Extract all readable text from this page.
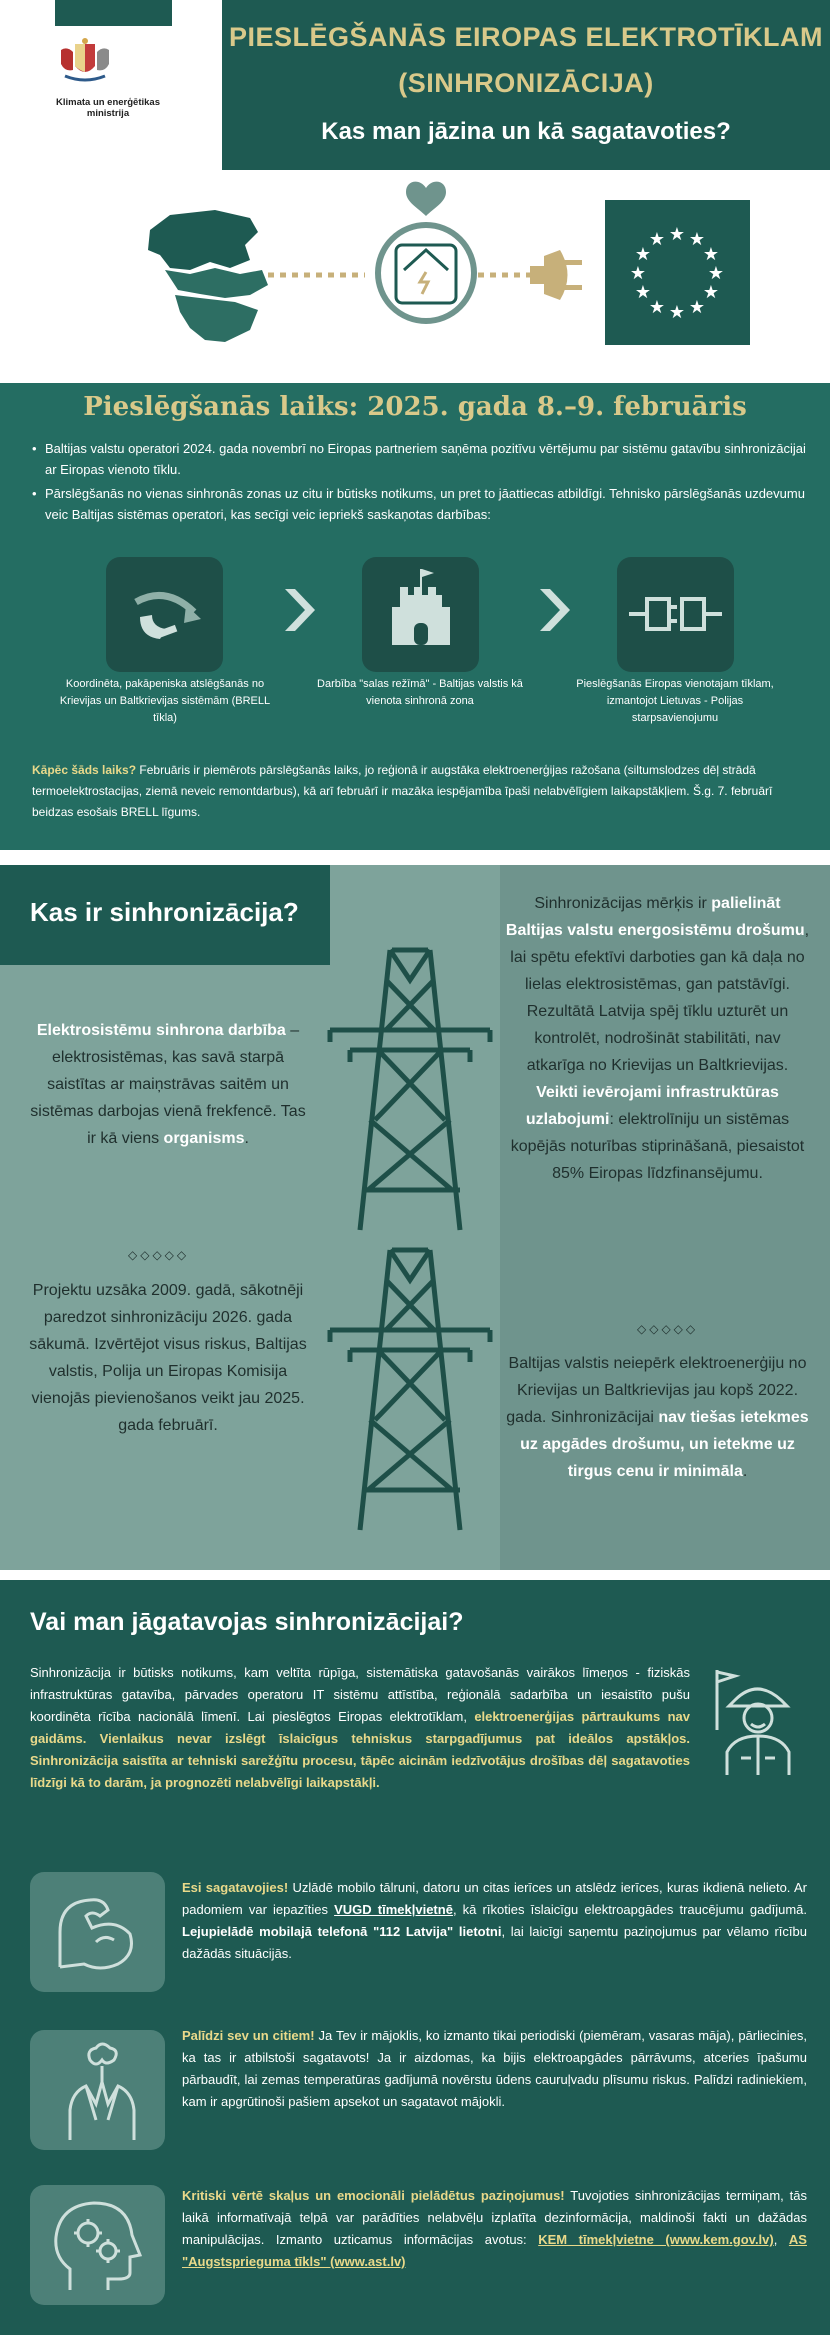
Klimata un enerģētikas ministrija
PIESLĒGŠANĀS EIROPAS ELEKTROTĪKLAM
(SINHRONIZĀCIJA)
Kas man jāzina un kā sagatavoties?
★ ★
★
★
★
★
★
★
★
★
★
★
Pieslēgšanās laiks: 2025. gada 8.–9. februāris
• Baltijas valstu operatori 2024. gada novembrī no Eiropas partneriem saņēma pozitīvu vērtējumu par sistēmu gatavību sinhronizācijai ar Eiropas vienoto tīklu.
• Pārslēgšanās no vienas sinhronās zonas uz citu ir būtisks notikums, un pret to jāattiecas atbildīgi. Tehnisko pārslēgšanās uzdevumu veic Baltijas sistēmas operatori, kas secīgi veic iepriekš saskaņotas darbības:
Koordinēta, pakāpeniska atslēgšanās no Krievijas un Baltkrievijas sistēmām (BRELL tīkla)
Darbība "salas režīmā" - Baltijas valstis kā vienota sinhronā zona
Pieslēgšanās Eiropas vienotajam tīklam, izmantojot Lietuvas - Polijas starpsavienojumu
Kāpēc šāds laiks? Februāris ir piemērots pārslēgšanās laiks, jo reģionā ir augstāka elektroenerģijas ražošana (siltumslodzes dēļ strādā termoelektrostacijas, ziemā neveic remontdarbus), kā arī februārī ir mazāka iespējamība īpaši nelabvēlīgiem laikapstākļiem. Š.g. 7. februārī beidzas esošais BRELL līgums.
Kas ir sinhronizācija?
Elektrosistēmu sinhrona darbība – elektrosistēmas, kas savā starpā saistītas ar maiņstrāvas saitēm un sistēmas darbojas vienā frekfencē. Tas ir kā viens organisms.
◇◇◇◇◇
Projektu uzsāka 2009. gadā, sākotnēji paredzot sinhronizāciju 2026. gada sākumā. Izvērtējot visus riskus, Baltijas valstis, Polija un Eiropas Komisija vienojās pievienošanos veikt jau 2025. gada februārī.
Sinhronizācijas mērķis ir palielināt Baltijas valstu energosistēmu drošumu, lai spētu efektīvi darboties gan kā daļa no lielas elektrosistēmas, gan patstāvīgi. Rezultātā Latvija spēj tīklu uzturēt un kontrolēt, nodrošināt stabilitāti, nav atkarīga no Krievijas un Baltkrievijas. Veikti ievērojami infrastruktūras uzlabojumi: elektrolīniju un sistēmas kopējās noturības stiprināšanā, piesaistot 85% Eiropas līdzfinansējumu.
◇◇◇◇◇
Baltijas valstis neiepērk elektroenerģiju no Krievijas un Baltkrievijas jau kopš 2022. gada. Sinhronizācijai nav tiešas ietekmes uz apgādes drošumu, un ietekme uz tirgus cenu ir minimāla.
Vai man jāgatavojas sinhronizācijai?
Sinhronizācija ir būtisks notikums, kam veltīta rūpīga, sistemātiska gatavošanās vairākos līmeņos - fiziskās infrastruktūras gatavība, pārvades operatoru IT sistēmu attīstība, reģionālā sadarbība un iesaistīto pušu koordinēta rīcība nacionālā līmenī. Lai pieslēgtos Eiropas elektrotīklam, elektroenerģijas pārtraukums nav gaidāms. Vienlaikus nevar izslēgt īslaicīgus tehniskus starpgadījumus pat ideālos apstākļos. Sinhronizācija saistīta ar tehniski sarežģītu procesu, tāpēc aicinām iedzīvotājus drošības dēļ sagatavoties līdzīgi kā to darām, ja prognozēti nelabvēlīgi laikapstākļi.
Esi sagatavojies! Uzlādē mobilo tālruni, datoru un citas ierīces un atslēdz ierīces, kuras ikdienā nelieto. Ar padomiem var iepazīties VUGD tīmekļvietnē, kā rīkoties īslaicīgu elektroapgādes traucējumu gadījumā. Lejupielādē mobilajā telefonā "112 Latvija" lietotni, lai laicīgi saņemtu paziņojumus par vēlamo rīcību dažādās situācijās.
Palīdzi sev un citiem! Ja Tev ir mājoklis, ko izmanto tikai periodiski (piemēram, vasaras māja), pārliecinies, ka tas ir atbilstoši sagatavots! Ja ir aizdomas, ka bijis elektroapgādes pārrāvums, atceries īpašumu pārbaudīt, lai zemas temperatūras gadījumā novērstu ūdens cauruļvadu plīsumu riskus. Palīdzi radiniekiem, kam ir apgrūtinoši pašiem apsekot un sagatavot mājokli.
Kritiski vērtē skaļus un emocionāli pielādētus paziņojumus! Tuvojoties sinhronizācijas termiņam, tās laikā informatīvajā telpā var parādīties nelabvēļu izplatīta dezinformācija, maldinoši fakti un dažādas manipulācijas. Izmanto uzticamus informācijas avotus: KEM tīmekļvietne (www.kem.gov.lv), AS "Augstsprieguma tīkls" (www.ast.lv)
